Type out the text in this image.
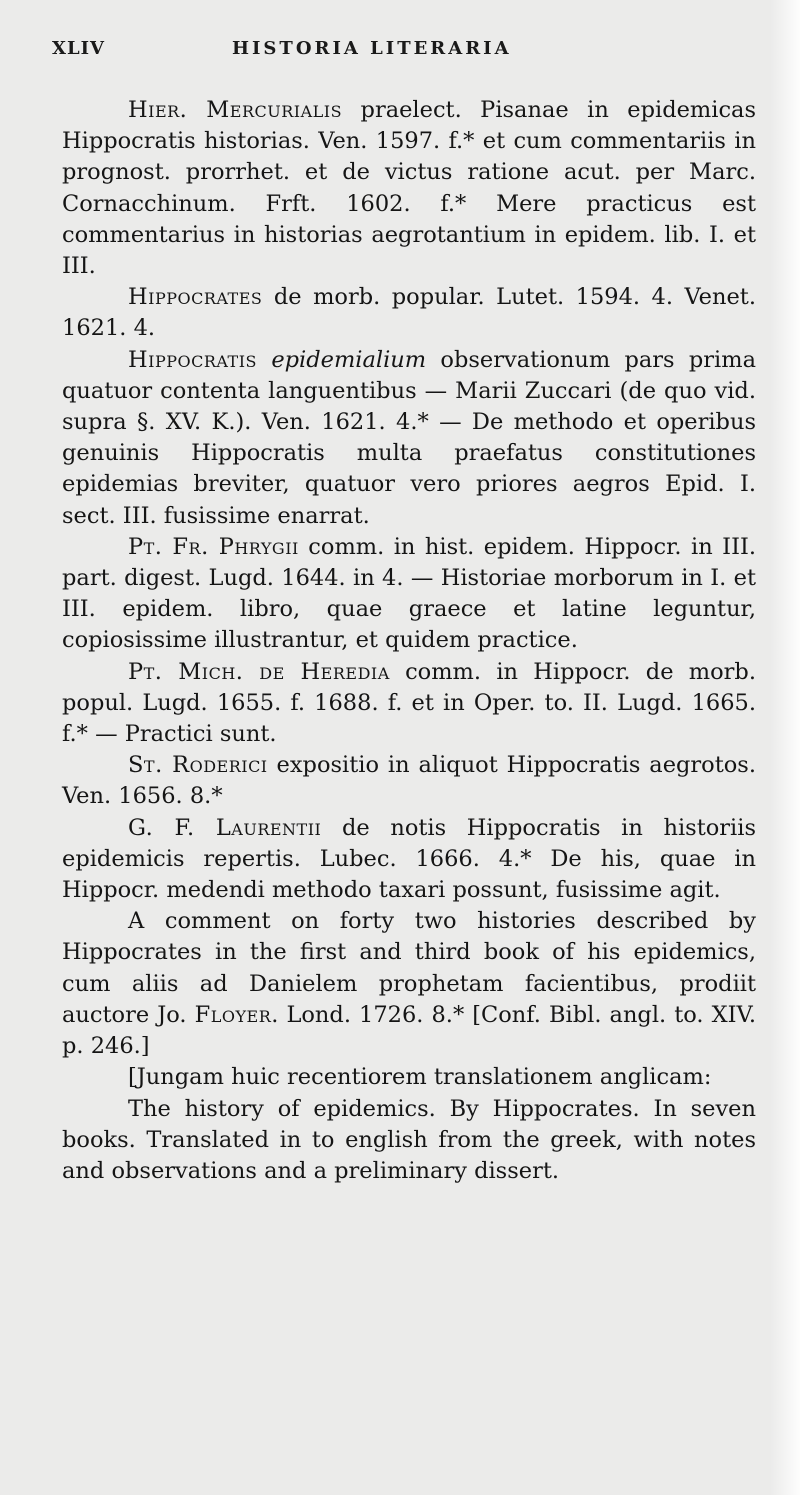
XLIV	HISTORIA LITERARIA

Hier. Mercurialis praelect. Pisanae in epidemicas Hippocratis historias. Ven. 1597. f.* et cum commentariis in prognost. prorrhet. et de victus ratione acut. per Marc. Cornacchinum. Frft. 1602. f.* Mere practicus est commentarius in historias aegrotantium in epidem. lib. I. et III.

Hippocrates de morb. popular. Lutet. 1594. 4. Venet. 1621. 4.

Hippocratis epidemialium observationum pars prima quatuor contenta languentibus — Marii Zuccari (de quo vid. supra §. XV. K.). Ven. 1621. 4.* — De methodo et operibus genuinis Hippocratis multa praefatus constitutiones epidemias breviter, quatuor vero priores aegros Epid. I. sect. III. fusissime enarrat.

Pt. Fr. Phrygii comm. in hist. epidem. Hippocr. in III. part. digest. Lugd. 1644. in 4. — Historiae morborum in I. et III. epidem. libro, quae graece et latine leguntur, copiosissime illustrantur, et quidem practice.

Pt. Mich. de Heredia comm. in Hippocr. de morb. popul. Lugd. 1655. f. 1688. f. et in Oper. to. II. Lugd. 1665. f.* — Practici sunt.

St. Roderici expositio in aliquot Hippocratis aegrotos. Ven. 1656. 8.*

G. F. Laurentii de notis Hippocratis in historiis epidemicis repertis. Lubec. 1666. 4.* De his, quae in Hippocr. medendi methodo taxari possunt, fusissime agit.

A comment on forty two histories described by Hippocrates in the first and third book of his epidemics, cum aliis ad Danielem prophetam facientibus, prodiit auctore Jo. Floyer. Lond. 1726. 8.* [Conf. Bibl. angl. to. XIV. p. 246.]

[Jungam huic recentiorem translationem anglicam:

The history of epidemics. By Hippocrates. In seven books. Translated in to english from the greek, with notes and observations and a preliminary dissert.
